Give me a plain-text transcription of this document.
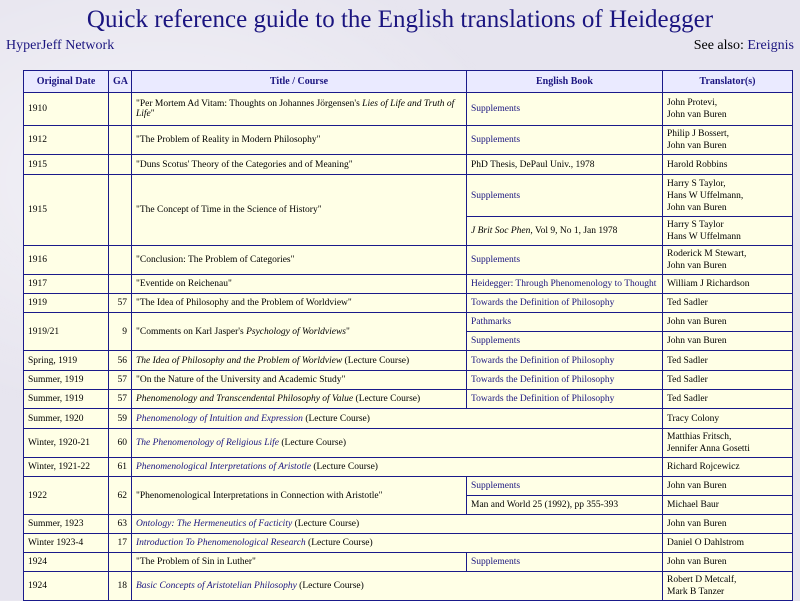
Quick reference guide to the English translations of Heidegger
HyperJeff Network	See also: Ereignis
Original Date	GA	Title / Course	English Book	Translator(s)
1910		"Per Mortem Ad Vitam: Thoughts on Johannes Jörgensen's Lies of Life and Truth of Life"	Supplements	John Protevi,
John van Buren

1912		"The Problem of Reality in Modern Philosophy"	Supplements	Philip J Bossert,
John van Buren

1915		"Duns Scotus' Theory of the Categories and of Meaning"	PhD Thesis, DePaul Univ., 1978	Harold Robbins
1915		"The Concept of Time in the Science of History"	Supplements	Harry S Taylor,
Hans W Uffelmann,
John van Buren

			J Brit Soc Phen, Vol 9, No 1, Jan 1978	Harry S Taylor
Hans W Uffelmann

1916		"Conclusion: The Problem of Categories"	Supplements	Roderick M Stewart,
John van Buren

1917		"Eventide on Reichenau"	Heidegger: Through Phenomenology to Thought	William J Richardson
1919	57	"The Idea of Philosophy and the Problem of Worldview"	Towards the Definition of Philosophy	Ted Sadler
1919/21	9	"Comments on Karl Jasper's Psychology of Worldviews"	Pathmarks	John van Buren
			Supplements	John van Buren
Spring, 1919	56	The Idea of Philosophy and the Problem of Worldview (Lecture Course)	Towards the Definition of Philosophy	Ted Sadler
Summer, 1919	57	"On the Nature of the University and Academic Study"	Towards the Definition of Philosophy	Ted Sadler
Summer, 1919	57	Phenomenology and Transcendental Philosophy of Value (Lecture Course)	Towards the Definition of Philosophy	Ted Sadler
Summer, 1920	59	Phenomenology of Intuition and Expression (Lecture Course)		Tracy Colony
Winter, 1920-21	60	The Phenomenology of Religious Life (Lecture Course)		Matthias Fritsch,
Jennifer Anna Gosetti

Winter, 1921-22	61	Phenomenological Interpretations of Aristotle (Lecture Course)		Richard Rojcewicz
1922	62	"Phenomenological Interpretations in Connection with Aristotle"	Supplements	John van Buren
			Man and World 25 (1992), pp 355-393	Michael Baur
Summer, 1923	63	Ontology: The Hermeneutics of Facticity (Lecture Course)		John van Buren
Winter 1923-4	17	Introduction To Phenomenological Research (Lecture Course)		Daniel O Dahlstrom
1924		"The Problem of Sin in Luther"	Supplements	John van Buren
1924	18	Basic Concepts of Aristotelian Philosophy (Lecture Course)		Robert D Metcalf,
Mark B Tanzer
